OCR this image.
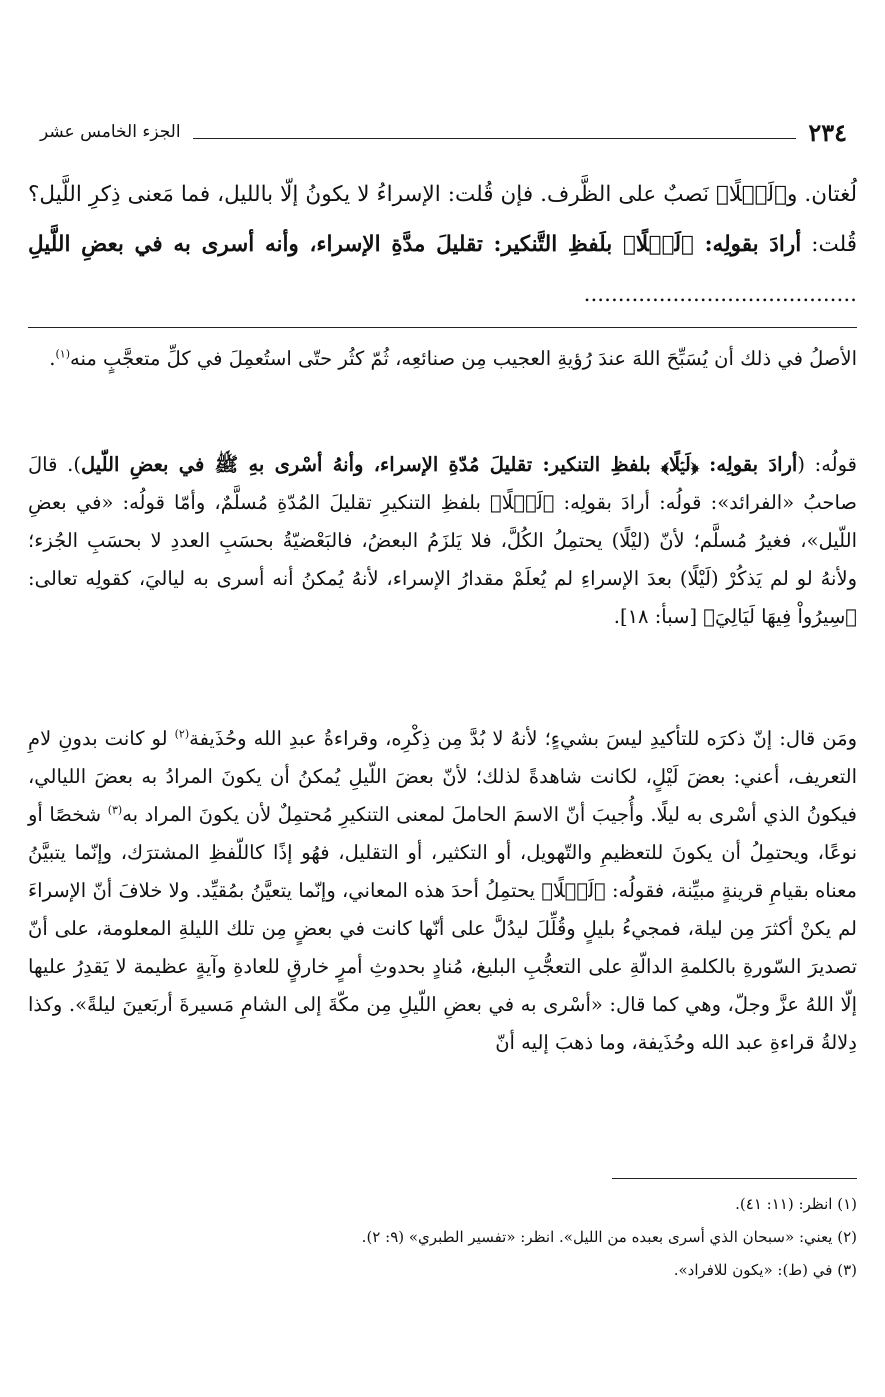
٢٣٤
الجزء الخامس عشر
لُغتان. و﴿لَيۡلًا﴾ نَصبٌ على الظَّرف. فإن قُلت: الإسراءُ لا يكونُ إلّا بالليل، فما مَعنى ذِكرِ اللَّيل؟ قُلت: أرادَ بقولِه: ﴿لَيۡلًا﴾ بلَفظِ التَّنكير: تقليلَ مدَّةِ الإسراء، وأنه أسرى به في بعضِ اللَّيلِ ........................................
الأصلُ في ذلك أن يُسَبِّحَ اللهَ عندَ رُؤيةِ العجيب مِن صنائعِه، ثُمّ كثُر حتّى استُعمِلَ في كلِّ متعجَّبٍ منه$^{(١)}$.
قولُه: (أرادَ بقولِه: ﴿لَيۡلًا﴾ بلفظِ التنكير: تقليلَ مُدّةِ الإسراء، وأنهُ أسْرى بهِ ﷺ في بعضِ اللّيل). قالَ صاحبُ «الفرائد»: قولُه: أرادَ بقولِه: ﴿لَيۡلًا﴾ بلفظِ التنكيرِ تقليلَ المُدّةِ مُسلَّمٌ، وأمّا قولُه: «في بعضِ اللّيل»، فغيرُ مُسلَّم؛ لأنّ (ليْلًا) يحتمِلُ الكُلَّ، فلا يَلزَمُ البعضُ، فالبَعْضيّةُ بحسَبِ العددِ لا بحسَبِ الجُزء؛ ولأنهُ لو لم يَذكُرْ (لَيْلًا) بعدَ الإسراءِ لم يُعلَمْ مقدارُ الإسراء، لأنهُ يُمكنُ أنه أسرى به لياليَ، كقولِه تعالى: ﴿سِيرُواْ فِيهَا لَيَالِيَ﴾ [سبأ: ١٨].
ومَن قال: إنّ ذكرَه للتأكيدِ ليسَ بشيءٍ؛ لأنهُ لا بُدَّ مِن ذِكْرِه، وقراءةُ عبدِ الله وحُذَيفة$^{(٢)}$ لو كانت بدونِ لامِ التعريف، أعني: بعضَ لَيْلٍ، لكانت شاهدةً لذلك؛ لأنّ بعضَ اللّيلِ يُمكنُ أن يكونَ المرادُ به بعضَ الليالي، فيكونُ الذي أسْرى به ليلًا. وأُجيبَ أنّ الاسمَ الحاملَ لمعنى التنكيرِ مُحتمِلٌ لأن يكونَ المراد به$^{(٣)}$ شخصًا أو نوعًا، ويحتمِلُ أن يكونَ للتعظيمِ والتّهويل، أو التكثير، أو التقليل، فهُو إذًا كاللّفظِ المشترَك، وإنّما يتبيَّنُ معناه بقيامِ قرينةٍ مبيِّنة، فقولُه: ﴿لَيۡلًا﴾ يحتمِلُ أحدَ هذه المعاني، وإنّما يتعيَّنُ بمُقيِّد. ولا خلافَ أنّ الإسراءَ لم يكنْ أكثرَ مِن ليلة، فمجيءُ بليلٍ وقُلِّلَ ليدُلَّ على أنّها كانت في بعضٍ مِن تلك الليلةِ المعلومة، على أنّ تصديرَ السّورةِ بالكلمةِ الدالّةِ على التعجُّبِ البليغ، مُنادٍ بحدوثِ أمرٍ خارقٍ للعادةِ وآيةٍ عظيمة لا يَقدِرُ عليها إلّا اللهُ عزَّ وجلّ، وهي كما قال: «أسْرى به في بعضِ اللّيلِ مِن مكّةَ إلى الشامِ مَسيرةَ أربَعينَ ليلةً». وكذا دِلالةُ قراءةِ عبد الله وحُذَيفة، وما ذهبَ إليه أنّ
(١) انظر: (١١: ٤١).
(٢) يعني: «سبحان الذي أسرى بعبده من الليل». انظر: «تفسير الطبري» (٩: ٢).
(٣) في (ط): «يكون للافراد».
